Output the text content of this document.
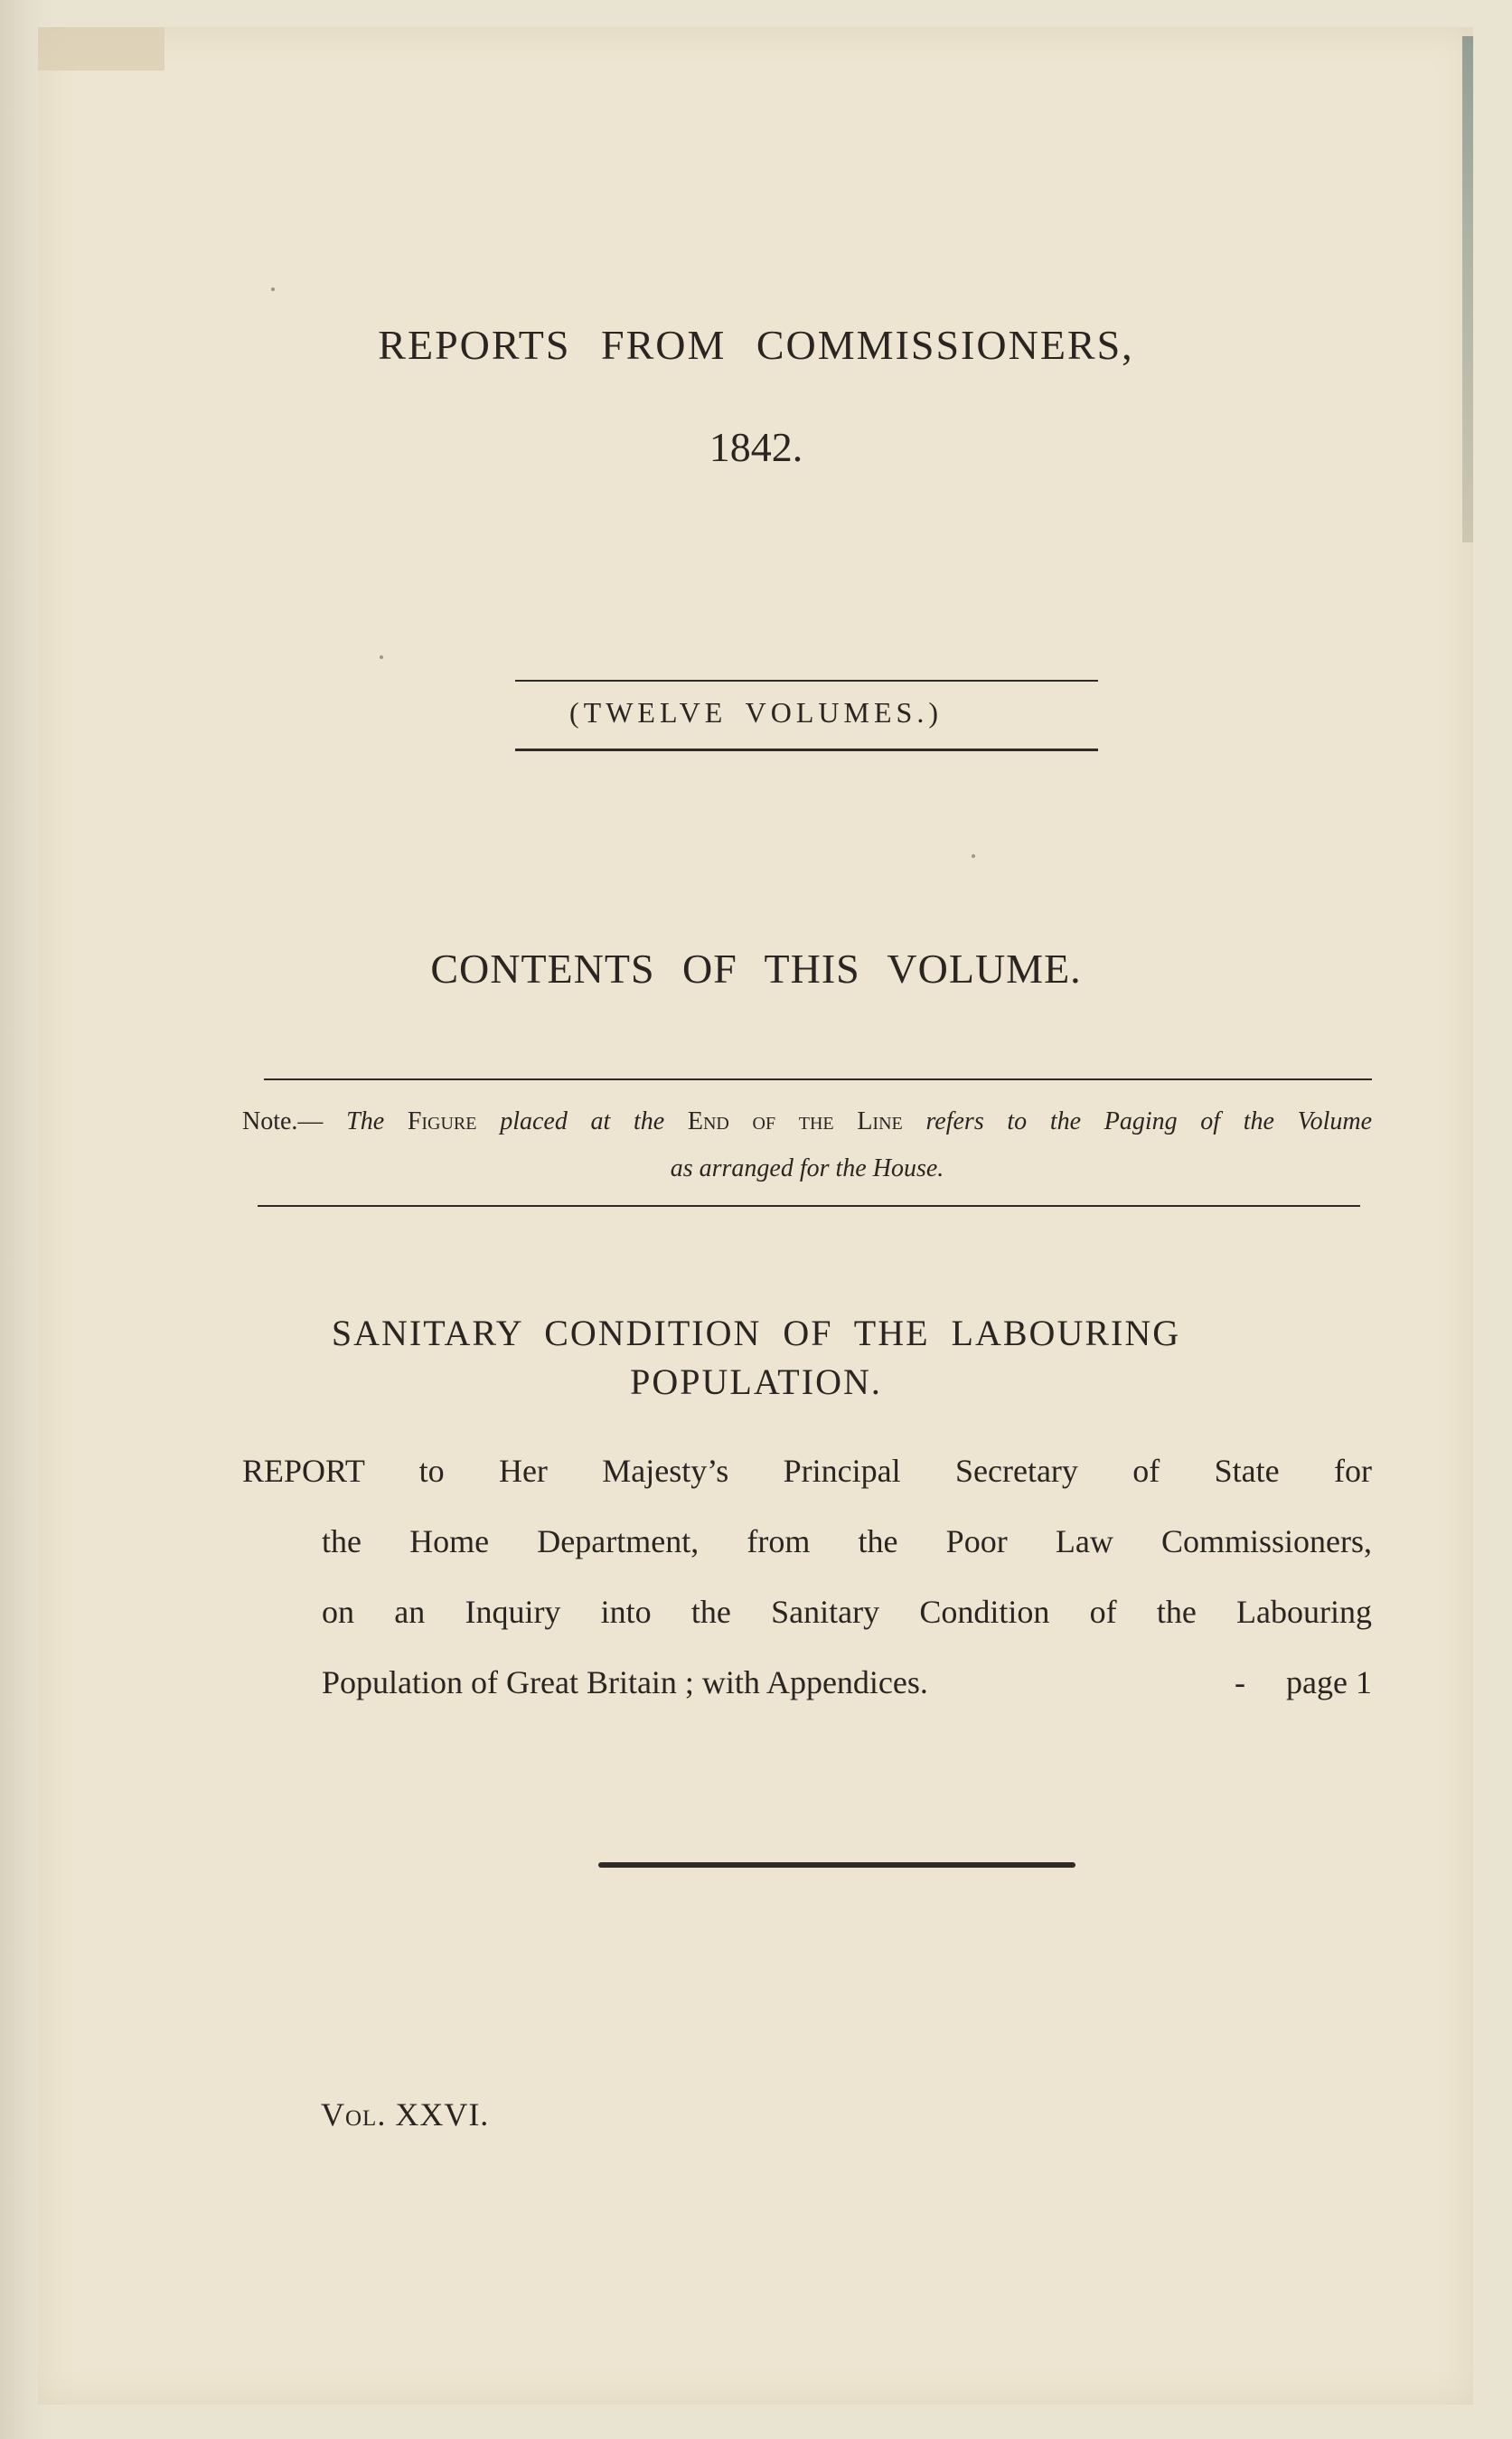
REPORTS FROM COMMISSIONERS,
1842.
(TWELVE VOLUMES.)
CONTENTS OF THIS VOLUME.
Note.— The Figure placed at the End of the Line refers to the Paging of the Volume
as arranged for the House.
SANITARY CONDITION OF THE LABOURING
POPULATION.
REPORT to Her Majesty’s Principal Secretary of State for
the Home Department, from the Poor Law Commissioners,
on an Inquiry into the Sanitary Condition of the Labouring
Population of Great Britain ; with Appendices.	- page 1
Vol. XXVI.
